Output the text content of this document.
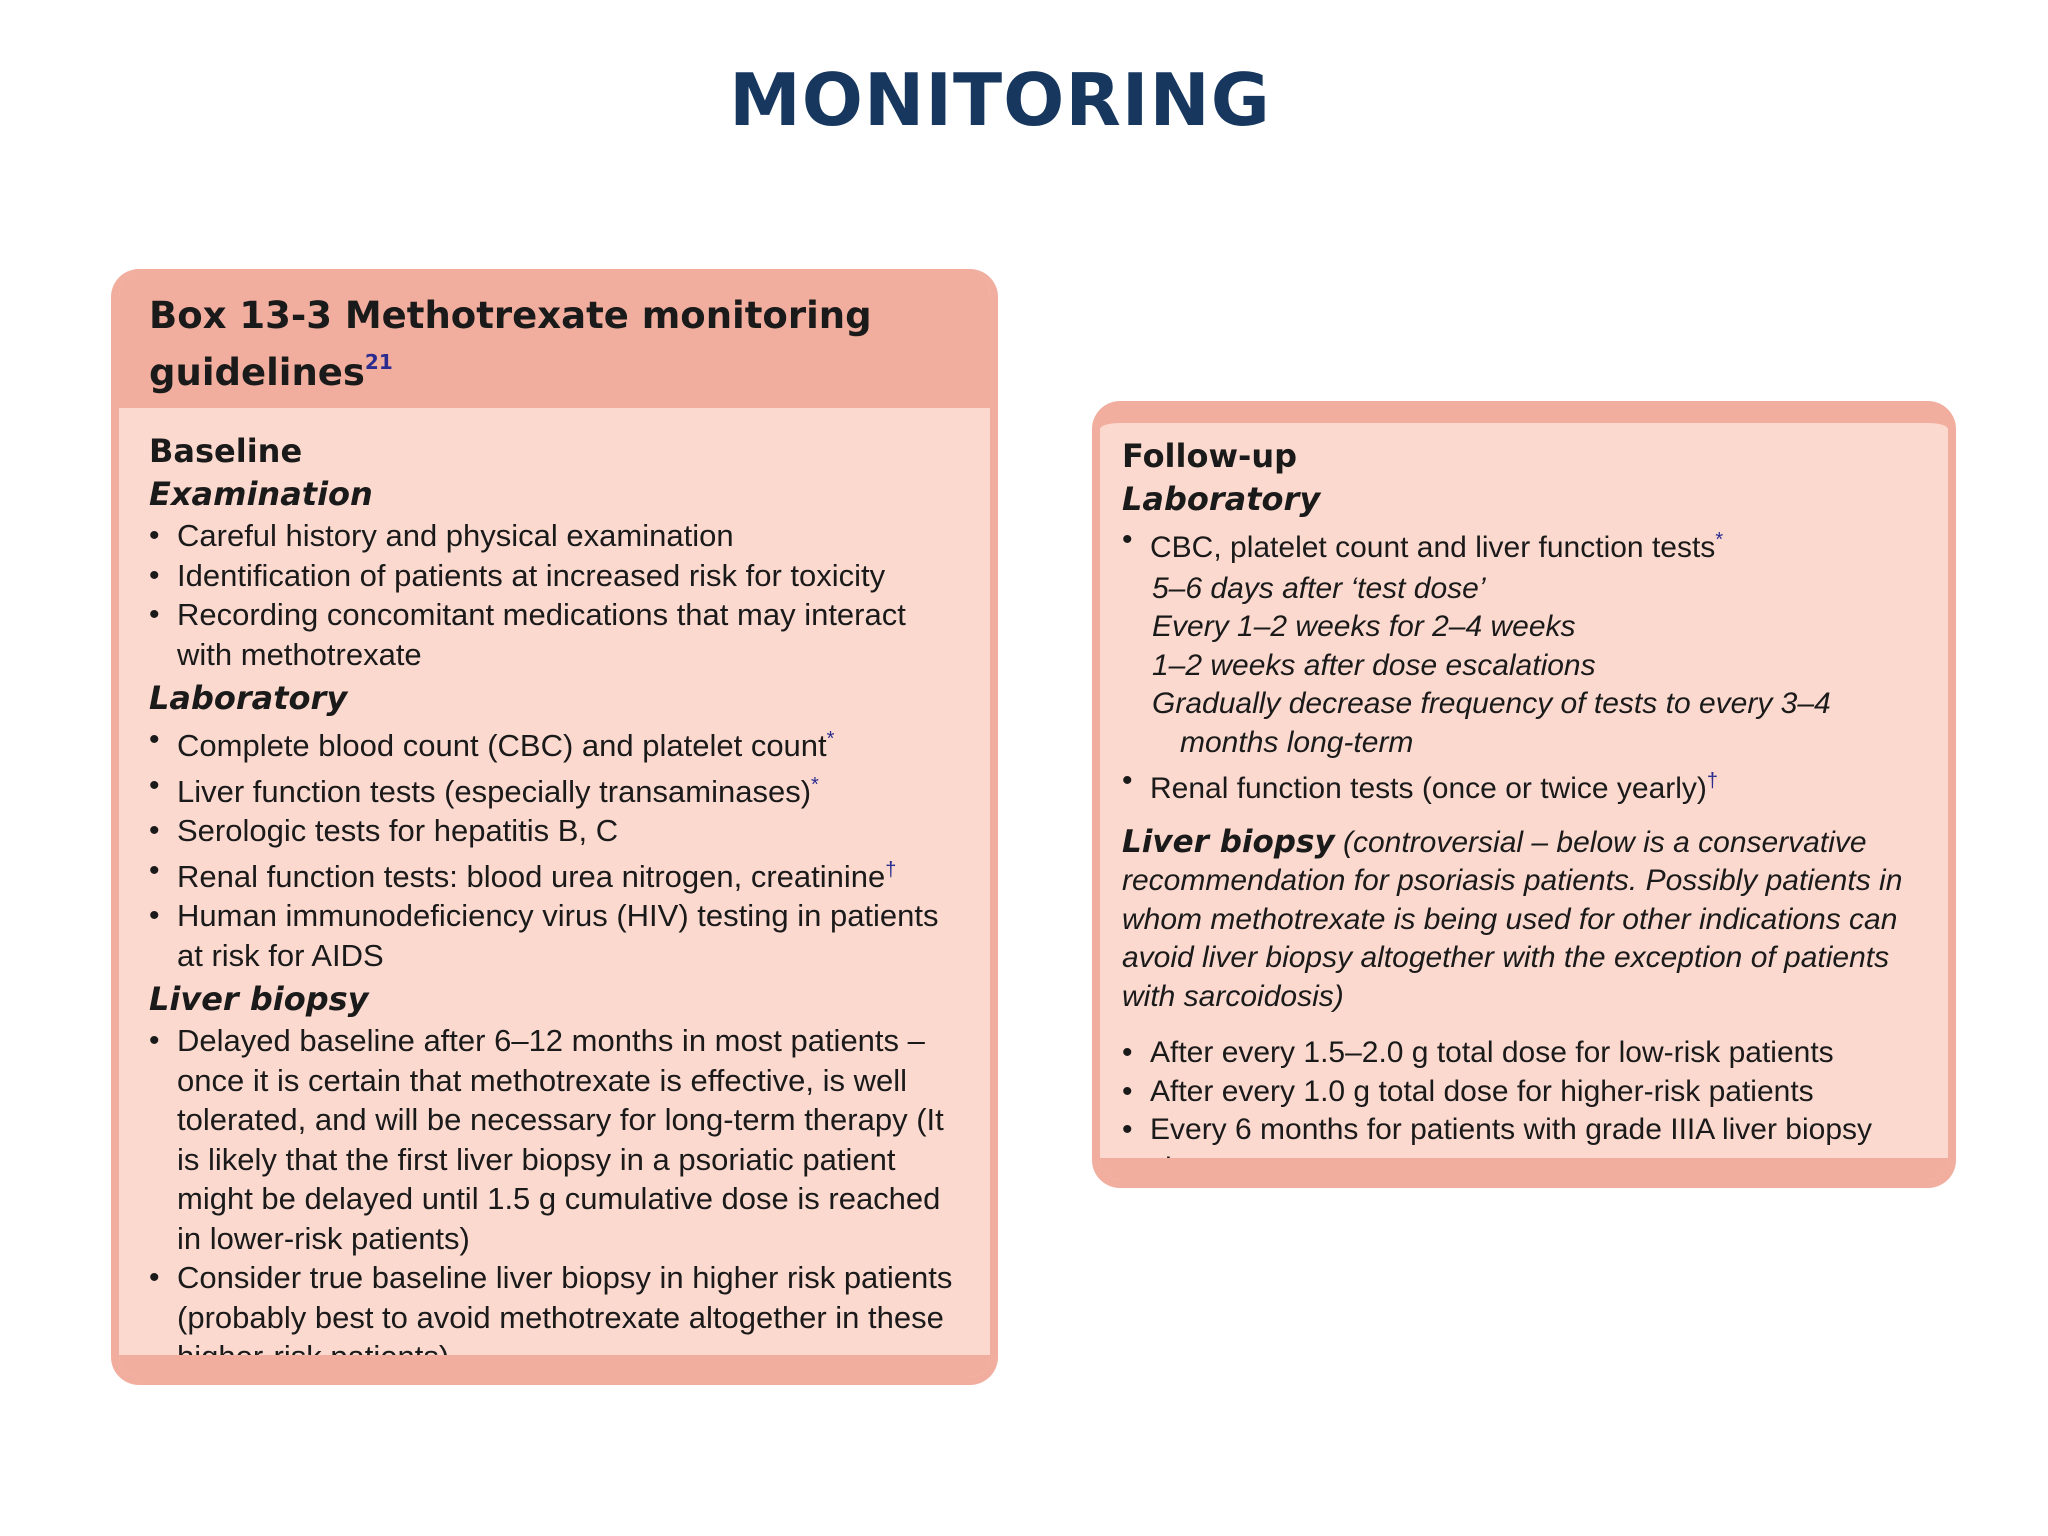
MONITORING
Box 13-3 Methotrexate monitoring guidelines$^{21}$
Baseline
Examination
• Careful history and physical examination
• Identification of patients at increased risk for toxicity
• Recording concomitant medications that may interact with methotrexate
Laboratory
• Complete blood count (CBC) and platelet count*
• Liver function tests (especially transaminases)*
• Serologic tests for hepatitis B, C
• Renal function tests: blood urea nitrogen, creatinine†
• Human immunodeficiency virus (HIV) testing in patients at risk for AIDS
Liver biopsy
• Delayed baseline after 6–12 months in most patients – once it is certain that methotrexate is effective, is well tolerated, and will be necessary for long-term therapy (It is likely that the first liver biopsy in a psoriatic patient might be delayed until 1.5 g cumulative dose is reached in lower-risk patients)
• Consider true baseline liver biopsy in higher risk patients (probably best to avoid methotrexate altogether in these
Follow-up
Laboratory
• CBC, platelet count and liver function tests*
5–6 days after ‘test dose’
Every 1–2 weeks for 2–4 weeks
1–2 weeks after dose escalations
Gradually decrease frequency of tests to every 3–4
months long-term
• Renal function tests (once or twice yearly)†
Liver biopsy (controversial – below is a conservative recommendation for psoriasis patients. Possibly patients in whom methotrexate is being used for other indications can avoid liver biopsy altogether with the exception of patients with sarcoidosis)
• After every 1.5–2.0 g total dose for low-risk patients
• After every 1.0 g total dose for higher-risk patients
• Every 6 months for patients with grade IIIA liver biopsy
